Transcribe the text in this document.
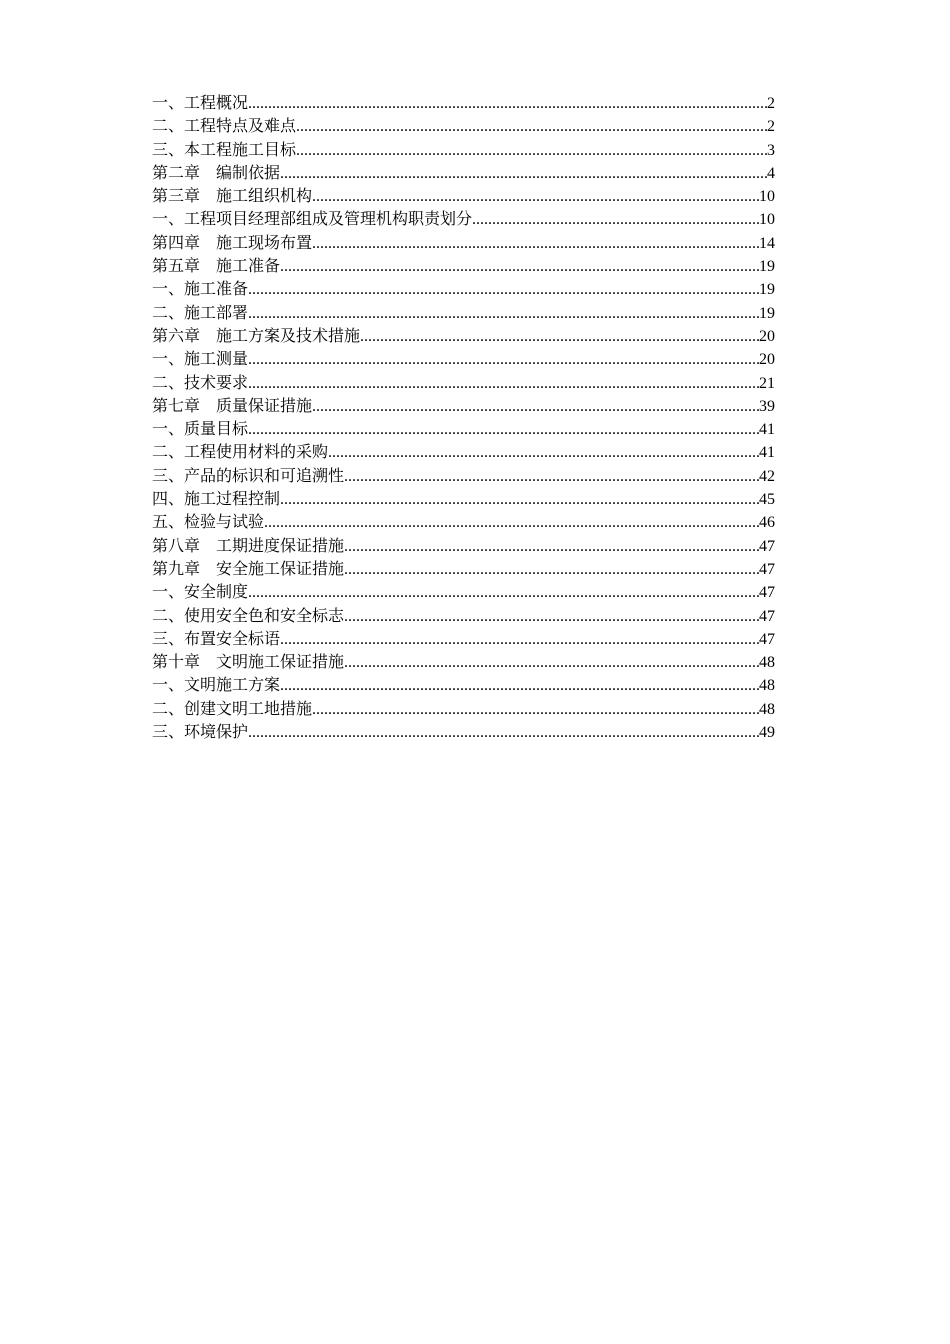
一、工程概况 .....	2
二、工程特点及难点 .....	2
三、本工程施工目标 .....	3
第二章　编制依据 .....	4
第三章　施工组织机构 .....	10
一、工程项目经理部组成及管理机构职责划分 .....	10
第四章　施工现场布置 .....	14
第五章　施工准备 .....	19
一、施工准备 .....	19
二、施工部署 .....	19
第六章　施工方案及技术措施 .....	20
一、施工测量 .....	20
二、技术要求 .....	21
第七章　质量保证措施 .....	39
一、质量目标 .....	41
二、工程使用材料的采购 .....	41
三、产品的标识和可追溯性 .....	42
四、施工过程控制 .....	45
五、检验与试验 .....	46
第八章　工期进度保证措施 .....	47
第九章　安全施工保证措施 .....	47
一、安全制度 .....	47
二、使用安全色和安全标志 .....	47
三、布置安全标语 .....	47
第十章　文明施工保证措施 .....	48
一、文明施工方案 .....	48
二、创建文明工地措施 .....	48
三、环境保护 .....	49
